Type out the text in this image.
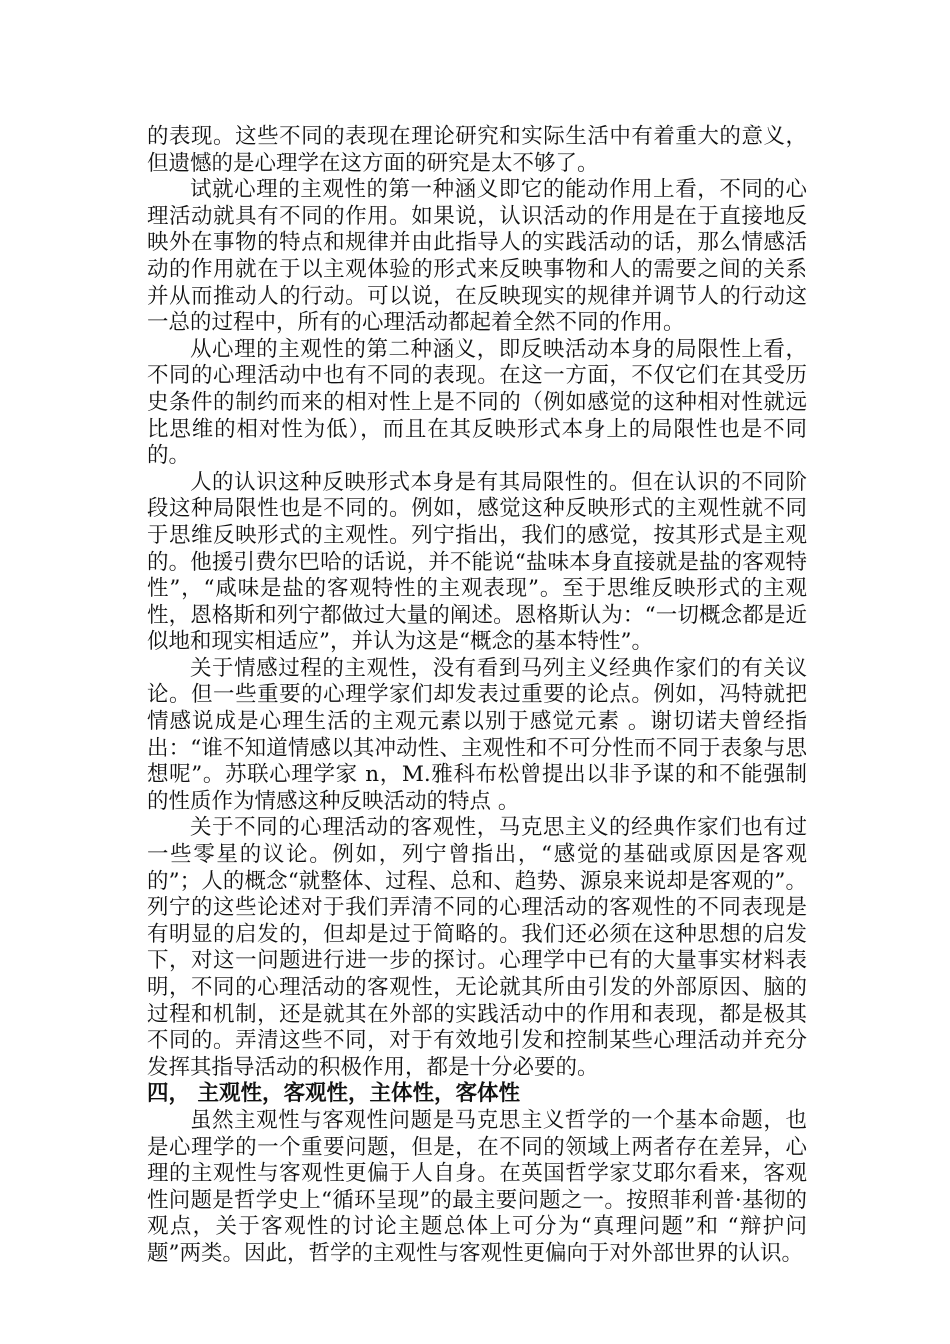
的表现。这些不同的表现在理论研究和实际生活中有着重大的意义，但遗憾的是心理学在这方面的研究是太不够了。

试就心理的主观性的第一种涵义即它的能动作用上看，不同的心理活动就具有不同的作用。如果说，认识活动的作用是在于直接地反映外在事物的特点和规律并由此指导人的实践活动的话，那么情感活动的作用就在于以主观体验的形式来反映事物和人的需要之间的关系并从而推动人的行动。可以说，在反映现实的规律并调节人的行动这一总的过程中，所有的心理活动都起着全然不同的作用。

从心理的主观性的第二种涵义，即反映活动本身的局限性上看，不同的心理活动中也有不同的表现。在这一方面，不仅它们在其受历史条件的制约而来的相对性上是不同的（例如感觉的这种相对性就远比思维的相对性为低），而且在其反映形式本身上的局限性也是不同的。

人的认识这种反映形式本身是有其局限性的。但在认识的不同阶段这种局限性也是不同的。例如，感觉这种反映形式的主观性就不同于思维反映形式的主观性。列宁指出，我们的感觉，按其形式是主观的。他援引费尔巴哈的话说，并不能说“盐味本身直接就是盐的客观特性”，“咸味是盐的客观特性的主观表现”。至于思维反映形式的主观性，恩格斯和列宁都做过大量的阐述。恩格斯认为：“一切概念都是近似地和现实相适应”，并认为这是“概念的基本特性”。

关于情感过程的主观性，没有看到马列主义经典作家们的有关议论。但一些重要的心理学家们却发表过重要的论点。例如，冯特就把情感说成是心理生活的主观元素以别于感觉元素 。谢切诺夫曾经指出：“谁不知道情感以其冲动性、主观性和不可分性而不同于表象与思想呢”。苏联心理学家 n，M.雅科布松曾提出以非予谋的和不能强制的性质作为情感这种反映活动的特点 。

关于不同的心理活动的客观性，马克思主义的经典作家们也有过一些零星的议论。例如，列宁曾指出，“感觉的基础或原因是客观的”；人的概念“就整体、过程、总和、趋势、源泉来说却是客观的”。列宁的这些论述对于我们弄清不同的心理活动的客观性的不同表现是有明显的启发的，但却是过于简略的。我们还必须在这种思想的启发下，对这一问题进行进一步的探讨。心理学中已有的大量事实材料表明，不同的心理活动的客观性，无论就其所由引发的外部原因、脑的过程和机制，还是就其在外部的实践活动中的作用和表现，都是极其不同的。弄清这些不同，对于有效地引发和控制某些心理活动并充分发挥其指导活动的积极作用，都是十分必要的。

四， 主观性，客观性，主体性，客体性

虽然主观性与客观性问题是马克思主义哲学的一个基本命题，也是心理学的一个重要问题，但是，在不同的领域上两者存在差异，心理的主观性与客观性更偏于人自身。在英国哲学家艾耶尔看来，客观性问题是哲学史上“循环呈现”的最主要问题之一。按照菲利普·基彻的观点，关于客观性的讨论主题总体上可分为“真理问题”和 “辩护问题”两类。因此，哲学的主观性与客观性更偏向于对外部世界的认识。
